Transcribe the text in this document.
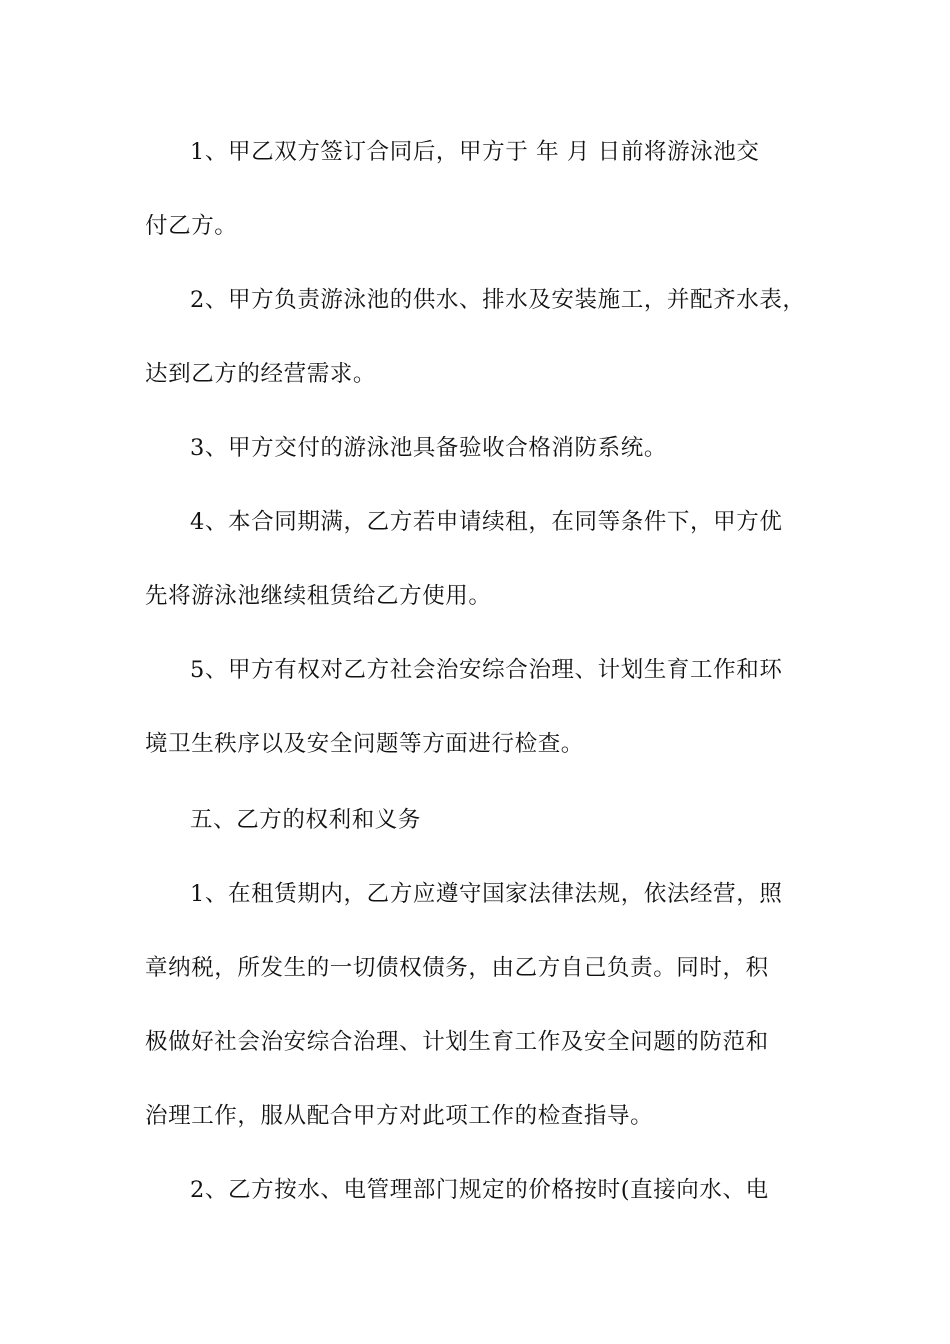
1、甲乙双方签订合同后，甲方于 年 月 日前将游泳池交
付乙方。
2、甲方负责游泳池的供水、排水及安装施工，并配齐水表，
达到乙方的经营需求。
3、甲方交付的游泳池具备验收合格消防系统。
4、本合同期满，乙方若申请续租，在同等条件下，甲方优
先将游泳池继续租赁给乙方使用。
5、甲方有权对乙方社会治安综合治理、计划生育工作和环
境卫生秩序以及安全问题等方面进行检查。
五、乙方的权利和义务
1、在租赁期内，乙方应遵守国家法律法规，依法经营，照
章纳税，所发生的一切债权债务，由乙方自己负责。同时，积
极做好社会治安综合治理、计划生育工作及安全问题的防范和
治理工作，服从配合甲方对此项工作的检查指导。
2、乙方按水、电管理部门规定的价格按时(直接向水、电
